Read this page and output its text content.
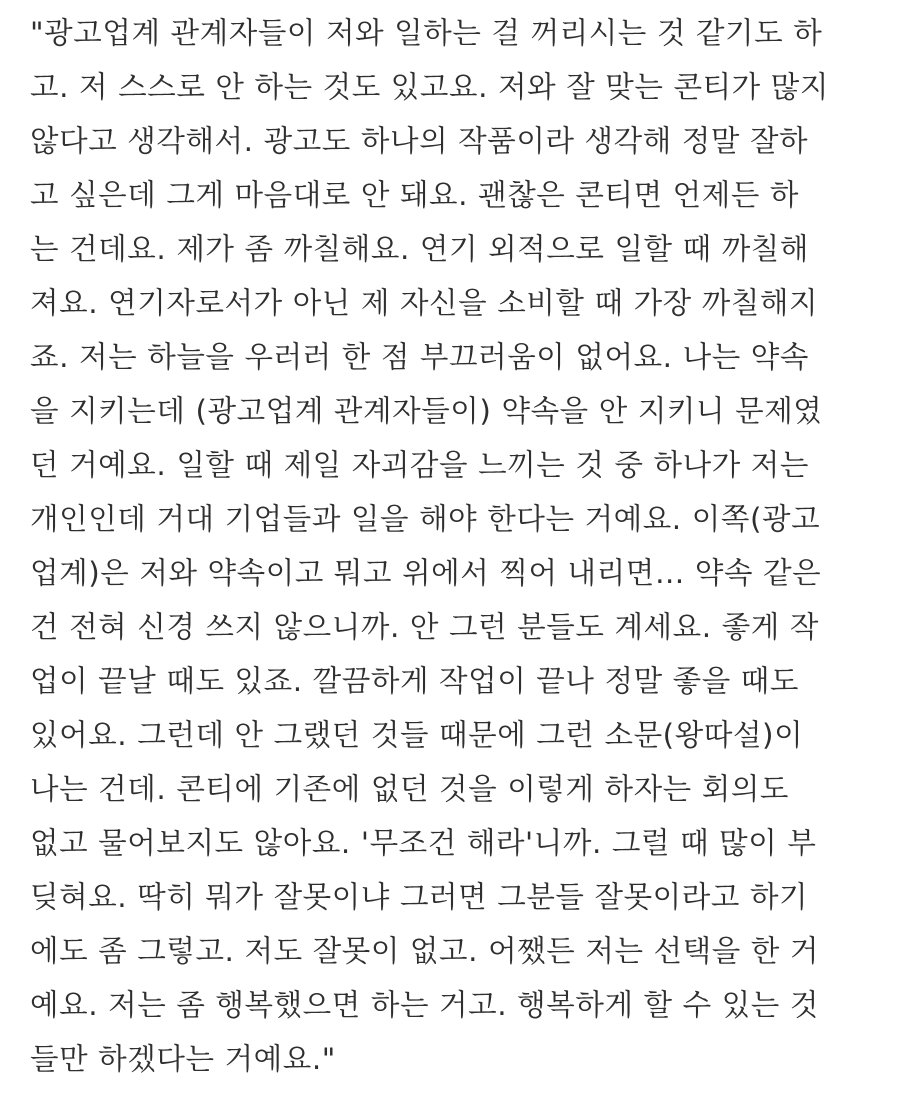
"광고업계 관계자들이 저와 일하는 걸 꺼리시는 것 같기도 하
고. 저 스스로 안 하는 것도 있고요. 저와 잘 맞는 콘티가 많지
않다고 생각해서. 광고도 하나의 작품이라 생각해 정말 잘하
고 싶은데 그게 마음대로 안 돼요. 괜찮은 콘티면 언제든 하
는 건데요. 제가 좀 까칠해요. 연기 외적으로 일할 때 까칠해
져요. 연기자로서가 아닌 제 자신을 소비할 때 가장 까칠해지
죠. 저는 하늘을 우러러 한 점 부끄러움이 없어요. 나는 약속
을 지키는데 (광고업계 관계자들이) 약속을 안 지키니 문제였
던 거예요. 일할 때 제일 자괴감을 느끼는 것 중 하나가 저는
개인인데 거대 기업들과 일을 해야 한다는 거예요. 이쪽(광고
업계)은 저와 약속이고 뭐고 위에서 찍어 내리면… 약속 같은
건 전혀 신경 쓰지 않으니까. 안 그런 분들도 계세요. 좋게 작
업이 끝날 때도 있죠. 깔끔하게 작업이 끝나 정말 좋을 때도
있어요. 그런데 안 그랬던 것들 때문에 그런 소문(왕따설)이
나는 건데. 콘티에 기존에 없던 것을 이렇게 하자는 회의도
없고 물어보지도 않아요. '무조건 해라'니까. 그럴 때 많이 부
딪혀요. 딱히 뭐가 잘못이냐 그러면 그분들 잘못이라고 하기
에도 좀 그렇고. 저도 잘못이 없고. 어쨌든 저는 선택을 한 거
예요. 저는 좀 행복했으면 하는 거고. 행복하게 할 수 있는 것
들만 하겠다는 거예요."
